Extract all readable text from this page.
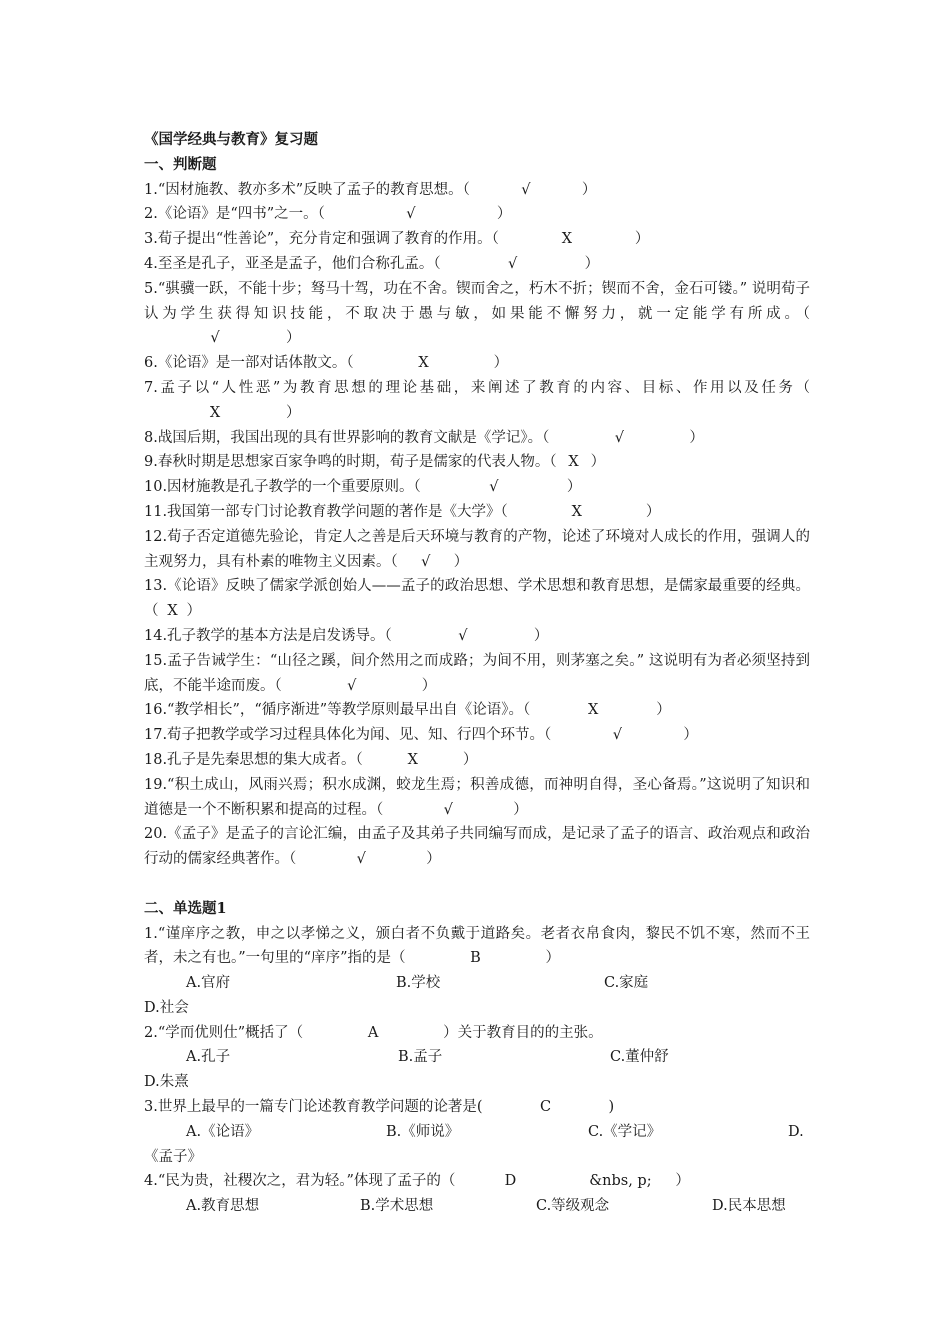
《国学经典与教育》复习题
一、判断题
1.“因材施教、教亦多术”反映了孟子的教育思想。（	√	）
2.《论语》是“四书”之一。（	√	）
3.荀子提出“性善论”，充分肯定和强调了教育的作用。（	X	）
4.至圣是孔子，亚圣是孟子，他们合称孔孟。（	√	）
5.“骐骥一跃，不能十步；驽马十驾，功在不舍。锲而舍之，朽木不折；锲而不舍，金石可镂。” 说明荀子认为学生获得知识技能，不取决于愚与敏，如果能不懈努力，就一定能学有所成。（√	）
6.《论语》是一部对话体散文。（	X	）
7.孟子以“人性恶”为教育思想的理论基础，来阐述了教育的内容、目标、作用以及任务（X	）
8.战国后期，我国出现的具有世界影响的教育文献是《学记》。（	√	）
9.春秋时期是思想家百家争鸣的时期，荀子是儒家的代表人物。（ X ）
10.因材施教是孔子教学的一个重要原则。（	√	）
11.我国第一部专门讨论教育教学问题的著作是《大学》（	X	）
12.荀子否定道德先验论，肯定人之善是后天环境与教育的产物，论述了环境对人成长的作用，强调人的主观努力，具有朴素的唯物主义因素。（ √ ）
13.《论语》反映了儒家学派创始人——孟子的政治思想、学术思想和教育思想，是儒家最重要的经典。（ X ）
14.孔子教学的基本方法是启发诱导。（	√	）
15.孟子告诫学生：“山径之蹊，间介然用之而成路；为间不用，则茅塞之矣。” 这说明有为者必须坚持到底，不能半途而废。（	√	）
16.“教学相长”，“循序渐进”等教学原则最早出自《论语》。（	X	）
17.荀子把教学或学习过程具体化为闻、见、知、行四个环节。（	√	）
18.孔子是先秦思想的集大成者。（	X	）
19.“积土成山，风雨兴焉；积水成渊，蛟龙生焉；积善成德，而神明自得，圣心备焉。”这说明了知识和道德是一个不断积累和提高的过程。（	√	）
20.《孟子》是孟子的言论汇编，由孟子及其弟子共同编写而成，是记录了孟子的语言、政治观点和政治行动的儒家经典著作。（	√	）
二、单选题1
1.“谨庠序之教，申之以孝悌之义，颁白者不负戴于道路矣。老者衣帛食肉，黎民不饥不寒，然而不王者，未之有也。”一句里的“庠序”指的是（	B	）
A.官府	B.学校	C.家庭
D.社会
2.“学而优则仕”概括了（	A	）关于教育目的的主张。
A.孔子	B.孟子	C.董仲舒
D.朱熹
3.世界上最早的一篇专门论述教育教学问题的论著是(	C	)
A.《论语》	B.《师说》	C.《学记》	D.
《孟子》
4.“民为贵，社稷次之，君为轻。”体现了孟子的（	D	&nbs, p; ）
A.教育思想	B.学术思想	C.等级观念	D.民本思想
